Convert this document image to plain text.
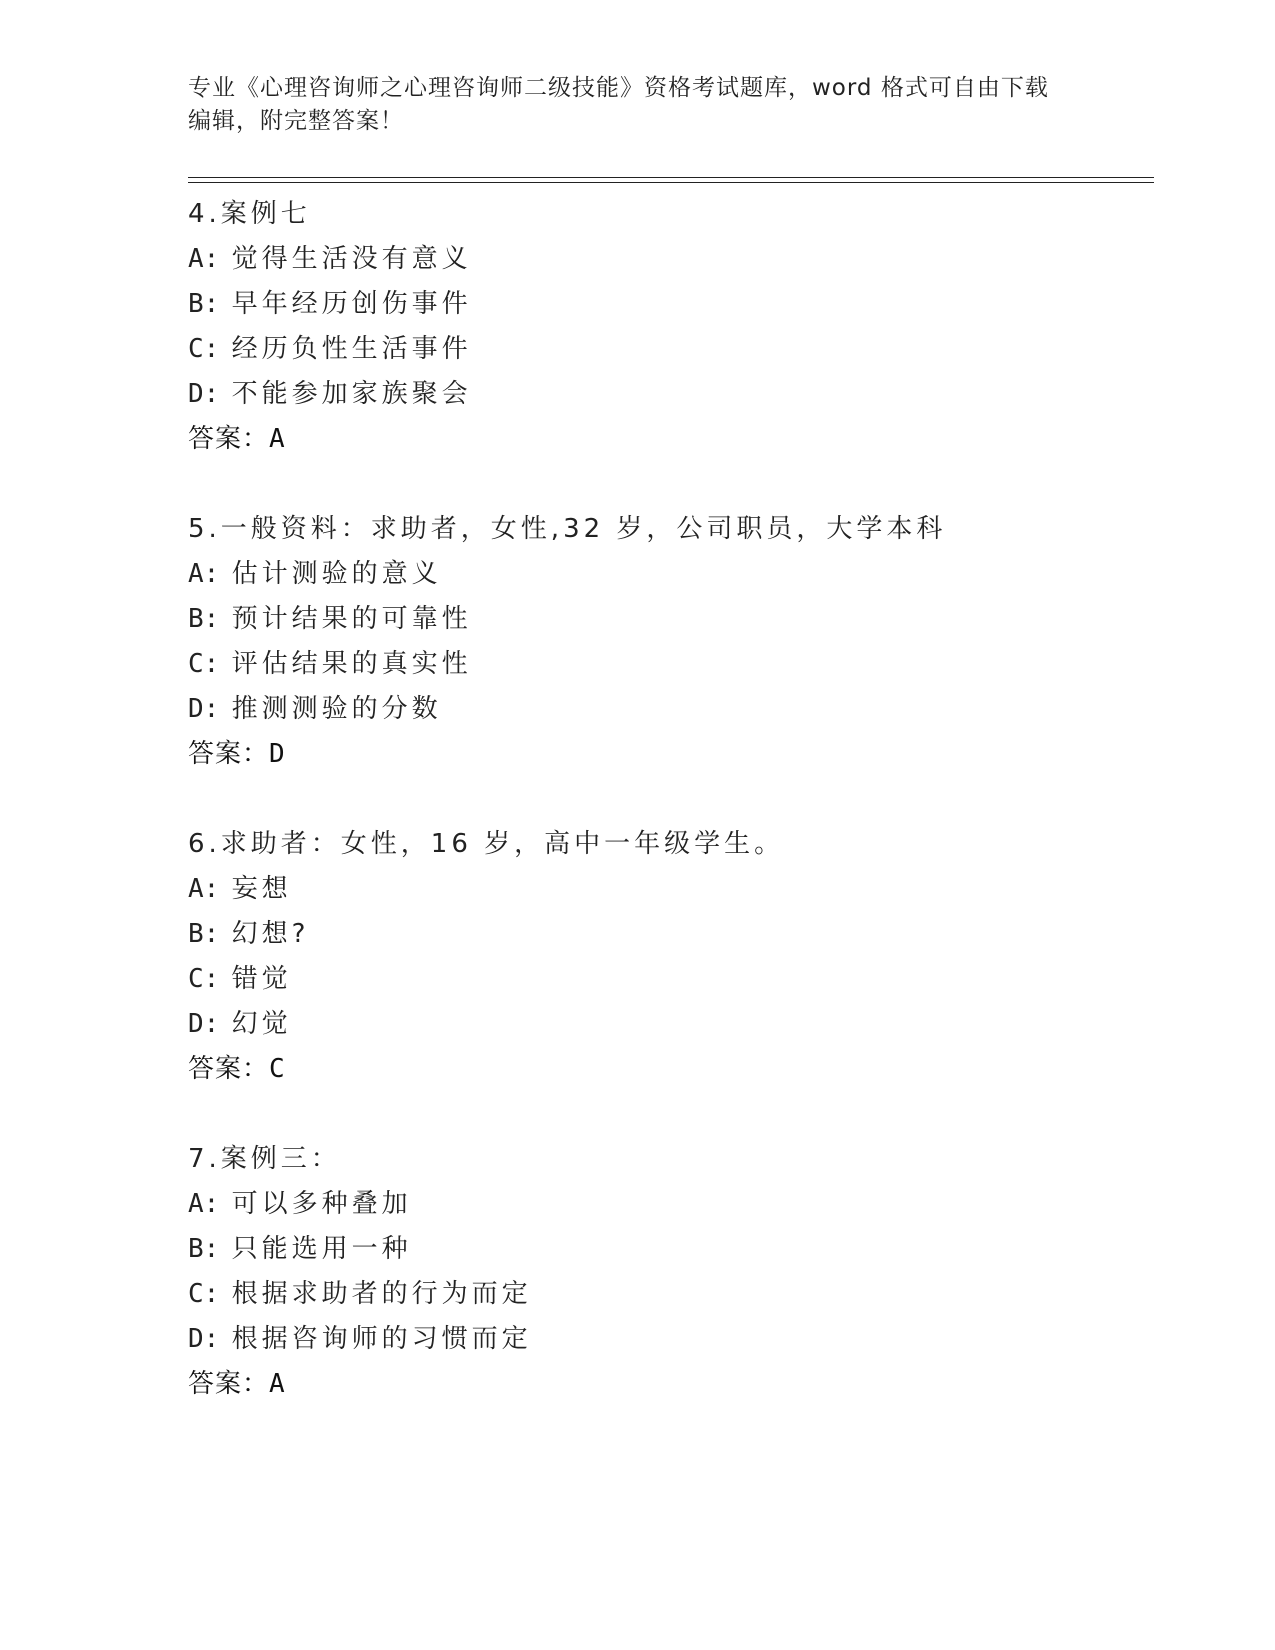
专业《心理咨询师之心理咨询师二级技能》资格考试题库，word 格式可自由下载
编辑，附完整答案！
4.案例七
A: 觉得生活没有意义
B: 早年经历创伤事件
C: 经历负性生活事件
D: 不能参加家族聚会
答案：A
5.一般资料：求助者，女性,32 岁，公司职员，大学本科
A: 估计测验的意义
B: 预计结果的可靠性
C: 评估结果的真实性
D: 推测测验的分数
答案：D
6.求助者：女性，16 岁，高中一年级学生。
A: 妄想
B: 幻想?
C: 错觉
D: 幻觉
答案：C
7.案例三：
A: 可以多种叠加
B: 只能选用一种
C: 根据求助者的行为而定
D: 根据咨询师的习惯而定
答案：A
